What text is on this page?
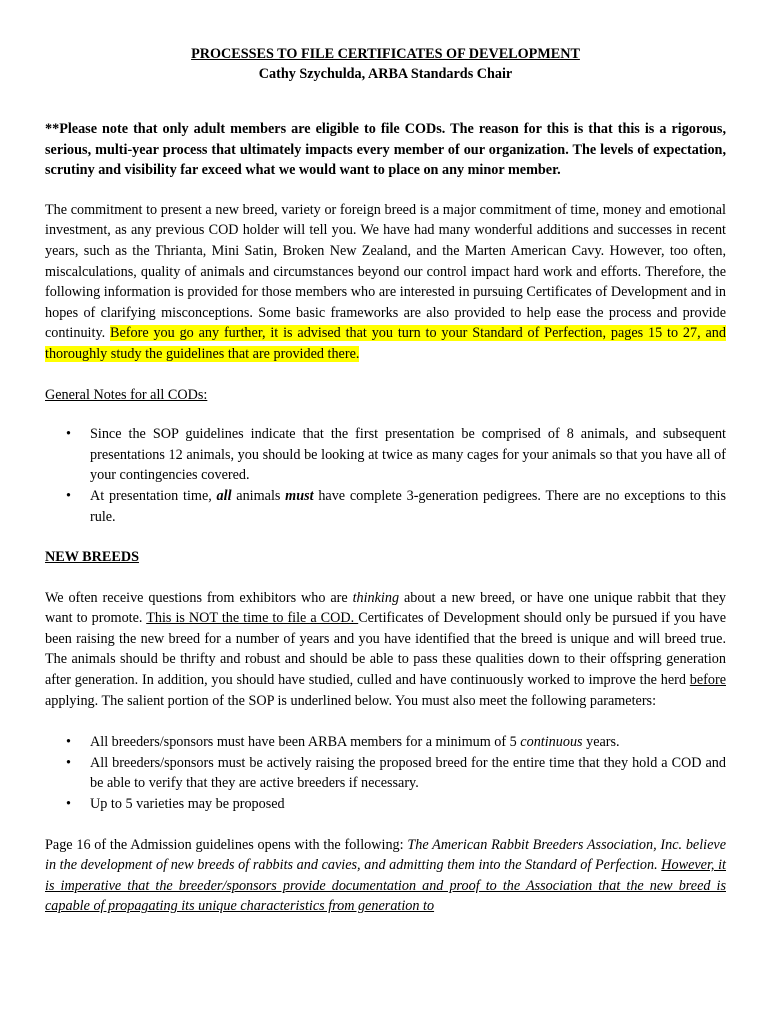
PROCESSES TO FILE CERTIFICATES OF DEVELOPMENT
Cathy Szychulda, ARBA Standards Chair

**Please note that only adult members are eligible to file CODs. The reason for this is that this is a rigorous, serious, multi-year process that ultimately impacts every member of our organization. The levels of expectation, scrutiny and visibility far exceed what we would want to place on any minor member.

The commitment to present a new breed, variety or foreign breed is a major commitment of time, money and emotional investment, as any previous COD holder will tell you. We have had many wonderful additions and successes in recent years, such as the Thrianta, Mini Satin, Broken New Zealand, and the Marten American Cavy. However, too often, miscalculations, quality of animals and circumstances beyond our control impact hard work and efforts. Therefore, the following information is provided for those members who are interested in pursuing Certificates of Development and in hopes of clarifying misconceptions. Some basic frameworks are also provided to help ease the process and provide continuity. Before you go any further, it is advised that you turn to your Standard of Perfection, pages 15 to 27, and thoroughly study the guidelines that are provided there.

General Notes for all CODs:

• Since the SOP guidelines indicate that the first presentation be comprised of 8 animals, and subsequent presentations 12 animals, you should be looking at twice as many cages for your animals so that you have all of your contingencies covered.
• At presentation time, all animals must have complete 3-generation pedigrees. There are no exceptions to this rule.

NEW BREEDS

We often receive questions from exhibitors who are thinking about a new breed, or have one unique rabbit that they want to promote. This is NOT the time to file a COD. Certificates of Development should only be pursued if you have been raising the new breed for a number of years and you have identified that the breed is unique and will breed true. The animals should be thrifty and robust and should be able to pass these qualities down to their offspring generation after generation. In addition, you should have studied, culled and have continuously worked to improve the herd before applying. The salient portion of the SOP is underlined below. You must also meet the following parameters:

• All breeders/sponsors must have been ARBA members for a minimum of 5 continuous years.
• All breeders/sponsors must be actively raising the proposed breed for the entire time that they hold a COD and be able to verify that they are active breeders if necessary.
• Up to 5 varieties may be proposed

Page 16 of the Admission guidelines opens with the following: The American Rabbit Breeders Association, Inc. believe in the development of new breeds of rabbits and cavies, and admitting them into the Standard of Perfection. However, it is imperative that the breeder/sponsors provide documentation and proof to the Association that the new breed is capable of propagating its unique characteristics from generation to
